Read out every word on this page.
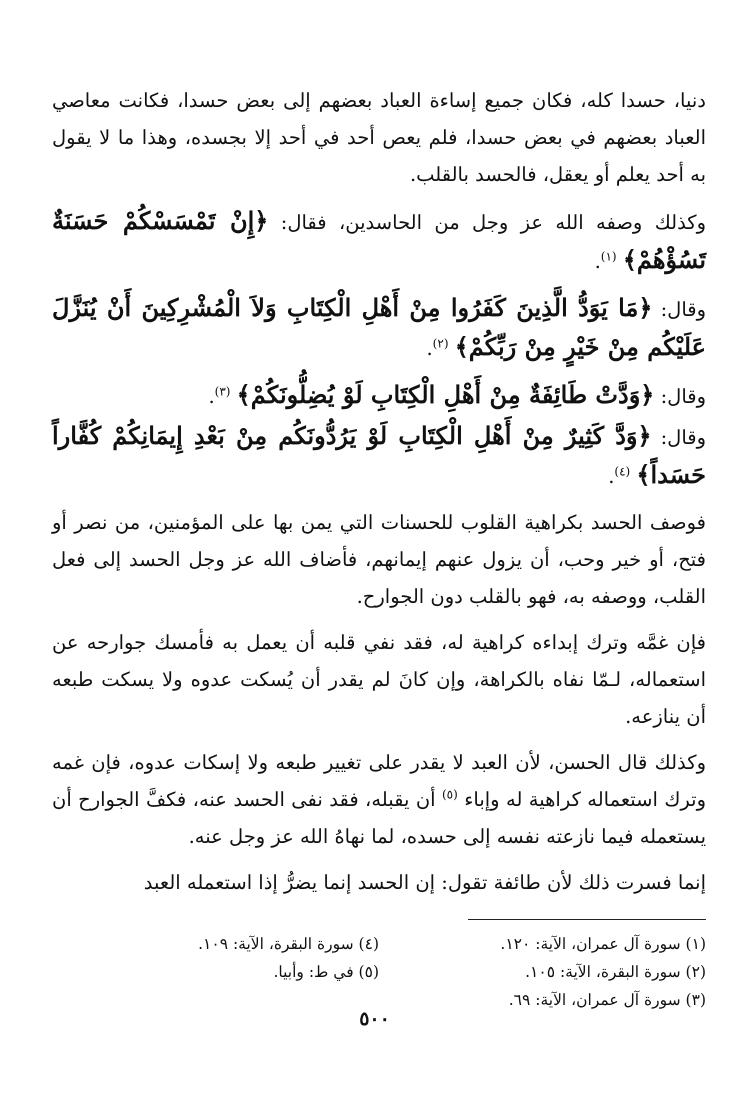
دنيا، حسدا كله، فكان جميع إساءة العباد بعضهم إلى بعض حسدا، فكانت معاصي العباد بعضهم في بعض حسدا، فلم يعص أحد في أحد إلا بجسده، وهذا ما لا يقول به أحد يعلم أو يعقل، فالحسد بالقلب.

وكذلك وصفه الله عز وجل من الحاسدين، فقال: ﴿إِنْ تَمْسَسْكُمْ حَسَنَةٌ تَسُؤْهُمْ﴾ $^{(١)}$.

وقال: ﴿مَا يَوَدُّ الَّذِينَ كَفَرُوا مِنْ أَهْلِ الْكِتَابِ وَلاَ الْمُشْرِكِينَ أَنْ يُنَزَّلَ عَلَيْكُم مِنْ خَيْرٍ مِنْ رَبِّكُمْ﴾ $^{(٢)}$.

وقال: ﴿وَدَّتْ طَائِفَةٌ مِنْ أَهْلِ الْكِتَابِ لَوْ يُضِلُّونَكُمْ﴾ $^{(٣)}$.

وقال: ﴿وَدَّ كَثِيرٌ مِنْ أَهْلِ الْكِتَابِ لَوْ يَرُدُّونَكُم مِنْ بَعْدِ إِيمَانِكُمْ كُفَّاراً حَسَداً﴾ $^{(٤)}$.

فوصف الحسد بكراهية القلوب للحسنات التي يمن بها على المؤمنين، من نصر أو فتح، أو خير وحب، أن يزول عنهم إيمانهم، فأضاف الله عز وجل الحسد إلى فعل القلب، ووصفه به، فهو بالقلب دون الجوارح.

فإن غمَّه وترك إبداءه كراهية له، فقد نفي قلبه أن يعمل به فأمسك جوارحه عن استعماله، لـمّا نفاه بالكراهة، وإن كانَ لم يقدر أن يُسكت عدوه ولا يسكت طبعه أن ينازعه.

وكذلك قال الحسن، لأن العبد لا يقدر على تغيير طبعه ولا إسكات عدوه، فإن غمه وترك استعماله كراهية له وإباء $^{(٥)}$ أن يقبله، فقد نفى الحسد عنه، فكفَّ الجوارح أن يستعمله فيما نازعته نفسه إلى حسده، لما نهاهُ الله عز وجل عنه.

إنما فسرت ذلك لأن طائفة تقول: إن الحسد إنما يضرُّ إذا استعمله العبد

(١) سورة آل عمران، الآية: ١٢٠.
(٢) سورة البقرة، الآية: ١٠٥.
(٣) سورة آل عمران، الآية: ٦٩.
(٤) سورة البقرة، الآية: ١٠٩.
(٥) في ط: وأبيا.
٥٠٠
